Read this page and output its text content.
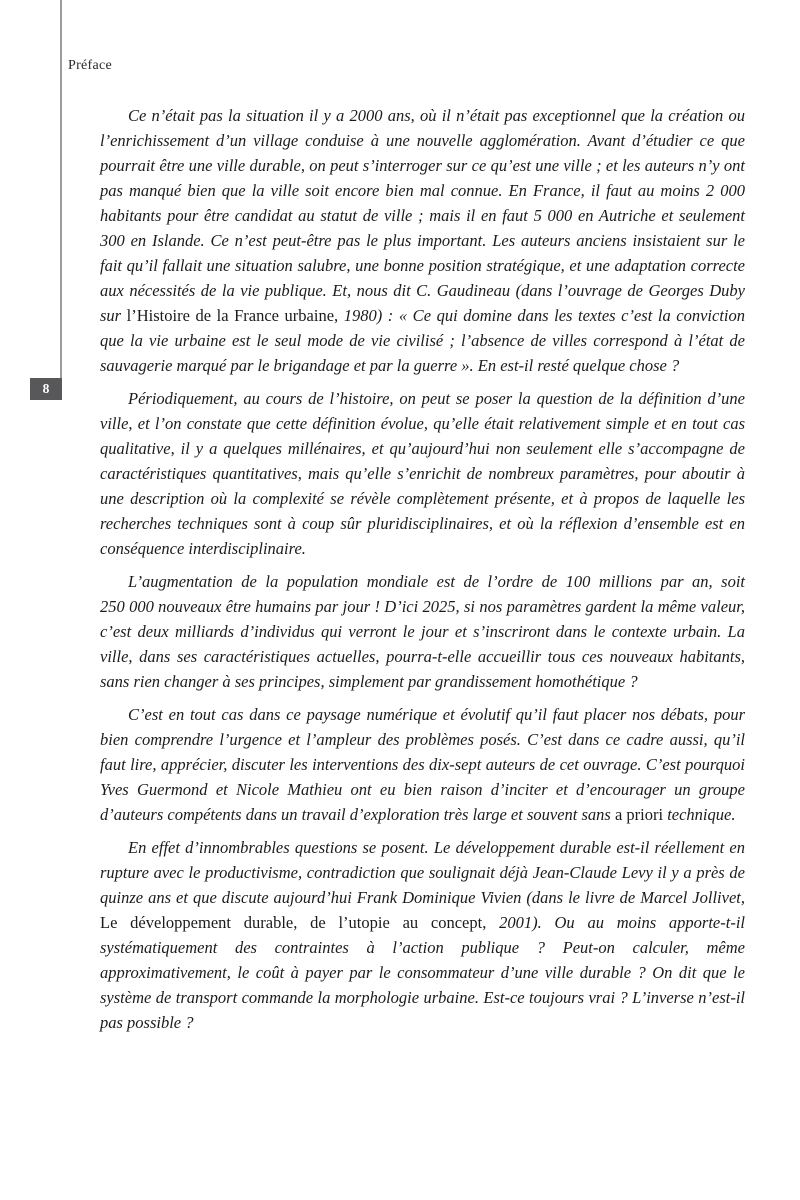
Préface
8

Ce n’était pas la situation il y a 2000 ans, où il n’était pas exceptionnel que la création ou l’enrichissement d’un village conduise à une nouvelle agglomération. Avant d’étudier ce que pourrait être une ville durable, on peut s’interroger sur ce qu’est une ville ; et les auteurs n’y ont pas manqué bien que la ville soit encore bien mal connue. En France, il faut au moins 2 000 habitants pour être candidat au statut de ville ; mais il en faut 5 000 en Autriche et seulement 300 en Islande. Ce n’est peut-être pas le plus important. Les auteurs anciens insistaient sur le fait qu’il fallait une situation salubre, une bonne position stratégique, et une adaptation correcte aux nécessités de la vie publique. Et, nous dit C. Gaudineau (dans l’ouvrage de Georges Duby sur l’Histoire de la France urbaine, 1980) : « Ce qui domine dans les textes c’est la conviction que la vie urbaine est le seul mode de vie civilisé ; l’absence de villes correspond à l’état de sauvagerie marqué par le brigandage et par la guerre ». En est-il resté quelque chose ?

Périodiquement, au cours de l’histoire, on peut se poser la question de la définition d’une ville, et l’on constate que cette définition évolue, qu’elle était relativement simple et en tout cas qualitative, il y a quelques millénaires, et qu’aujourd’hui non seulement elle s’accompagne de caractéristiques quantitatives, mais qu’elle s’enrichit de nombreux paramètres, pour aboutir à une description où la complexité se révèle complètement présente, et à propos de laquelle les recherches techniques sont à coup sûr pluridisciplinaires, et où la réflexion d’ensemble est en conséquence interdisciplinaire.

L’augmentation de la population mondiale est de l’ordre de 100 millions par an, soit 250 000 nouveaux être humains par jour ! D’ici 2025, si nos paramètres gardent la même valeur, c’est deux milliards d’individus qui verront le jour et s’inscriront dans le contexte urbain. La ville, dans ses caractéristiques actuelles, pourra-t-elle accueillir tous ces nouveaux habitants, sans rien changer à ses principes, simplement par grandissement homothétique ?

C’est en tout cas dans ce paysage numérique et évolutif qu’il faut placer nos débats, pour bien comprendre l’urgence et l’ampleur des problèmes posés. C’est dans ce cadre aussi, qu’il faut lire, apprécier, discuter les interventions des dix-sept auteurs de cet ouvrage. C’est pourquoi Yves Guermond et Nicole Mathieu ont eu bien raison d’inciter et d’encourager un groupe d’auteurs compétents dans un travail d’exploration très large et souvent sans a priori technique.

En effet d’innombrables questions se posent. Le développement durable est-il réellement en rupture avec le productivisme, contradiction que soulignait déjà Jean-Claude Levy il y a près de quinze ans et que discute aujourd’hui Frank Dominique Vivien (dans le livre de Marcel Jollivet, Le développement durable, de l’utopie au concept, 2001). Ou au moins apporte-t-il systématiquement des contraintes à l’action publique ? Peut-on calculer, même approximativement, le coût à payer par le consommateur d’une ville durable ? On dit que le système de transport commande la morphologie urbaine. Est-ce toujours vrai ? L’inverse n’est-il pas possible ?
